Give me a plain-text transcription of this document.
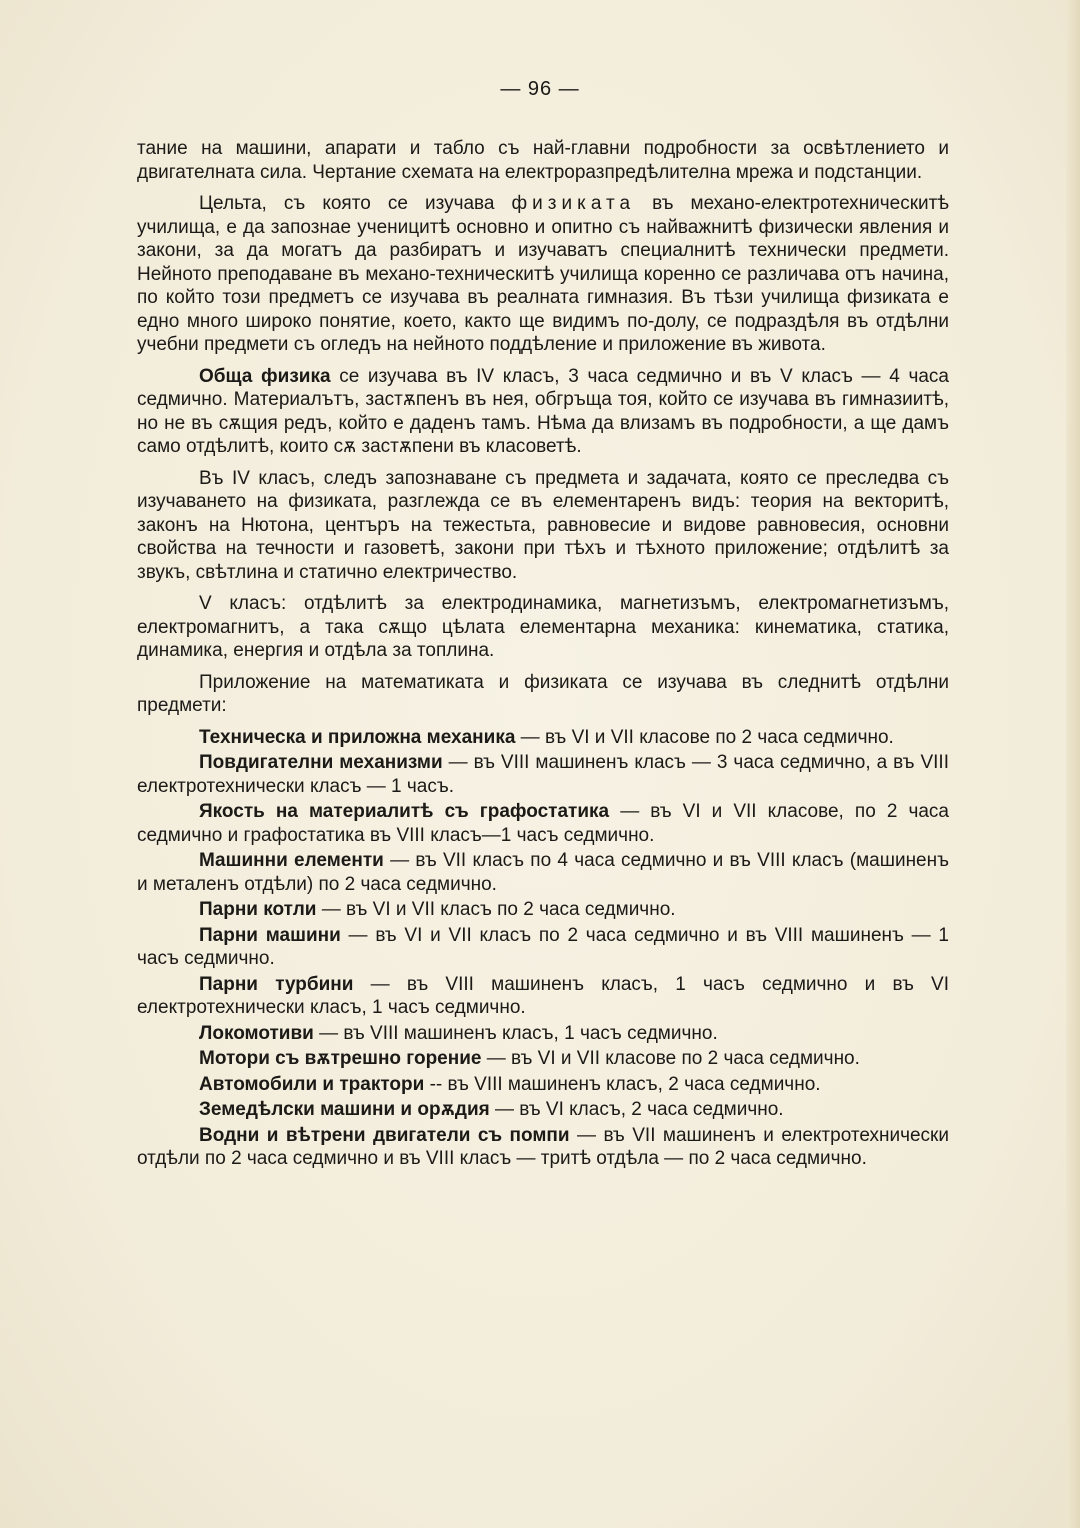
— 96 —

тание на машини, апарати и табло съ най-главни подробности за освѣтлението и двигателната сила. Чертание схемата на електроразпредѣлителна мрежа и подстанции.

Цельта, съ която се изучава физиката въ механо-електротехническитѣ училища, е да запознае ученицитѣ основно и опитно съ найважнитѣ физически явления и закони, за да могатъ да разбиратъ и изучаватъ специалнитѣ технически предмети. Нейното преподаване въ механо-техническитѣ училища коренно се различава отъ начина, по който този предметъ се изучава въ реалната гимназия. Въ тѣзи училища физиката е едно много широко понятие, което, както ще видимъ по-долу, се подраздѣля въ отдѣлни учебни предмети съ огледъ на нейното поддѣление и приложение въ живота.

Обща физика се изучава въ IV класъ, 3 часа седмично и въ V класъ — 4 часа седмично. Материалътъ, застѫпенъ въ нея, обгръща тоя, който се изучава въ гимназиитѣ, но не въ сѫщия редъ, който е даденъ тамъ. Нѣма да влизамъ въ подробности, а ще дамъ само отдѣлитѣ, които сѫ застѫпени въ класоветѣ.

Въ IV класъ, следъ запознаване съ предмета и задачата, която се преследва съ изучаването на физиката, разглежда се въ елементаренъ видъ: теория на векторитѣ, законъ на Нютона, центъръ на тежестьта, равновесие и видове равновесия, основни свойства на течности и газоветѣ, закони при тѣхъ и тѣхното приложение; отдѣлитѣ за звукъ, свѣтлина и статично електричество.

V класъ: отдѣлитѣ за електродинамика, магнетизъмъ, електромагнетизъмъ, електромагнитъ, а така сѫщо цѣлата елементарна механика: кинематика, статика, динамика, енергия и отдѣла за топлина.

Приложение на математиката и физиката се изучава въ следнитѣ отдѣлни предмети:

Техническа и приложна механика — въ VI и VII класове по 2 часа седмично.

Повдигателни механизми — въ VIII машиненъ класъ — 3 часа седмично, а въ VIII електротехнически класъ — 1 часъ.

Якость на материалитѣ съ графостатика — въ VI и VII класове, по 2 часа седмично и графостатика въ VIII класъ—1 часъ седмично.

Машинни елементи — въ VII класъ по 4 часа седмично и въ VIII класъ (машиненъ и металенъ отдѣли) по 2 часа седмично.

Парни котли — въ VI и VII класъ по 2 часа седмично.

Парни машини — въ VI и VII класъ по 2 часа седмично и въ VIII машиненъ — 1 часъ седмично.

Парни турбини — въ VIII машиненъ класъ, 1 часъ седмично и въ VI електротехнически класъ, 1 часъ седмично.

Локомотиви — въ VIII машиненъ класъ, 1 часъ седмично.

Мотори съ вѫтрешно горение — въ VI и VII класове по 2 часа седмично.

Автомобили и трактори -- въ VIII машиненъ класъ, 2 часа седмично.

Земедѣлски машини и орѫдия — въ VI класъ, 2 часа седмично.

Водни и вѣтрени двигатели съ помпи — въ VII машиненъ и електротехнически отдѣли по 2 часа седмично и въ VIII класъ — тритѣ отдѣла — по 2 часа седмично.
